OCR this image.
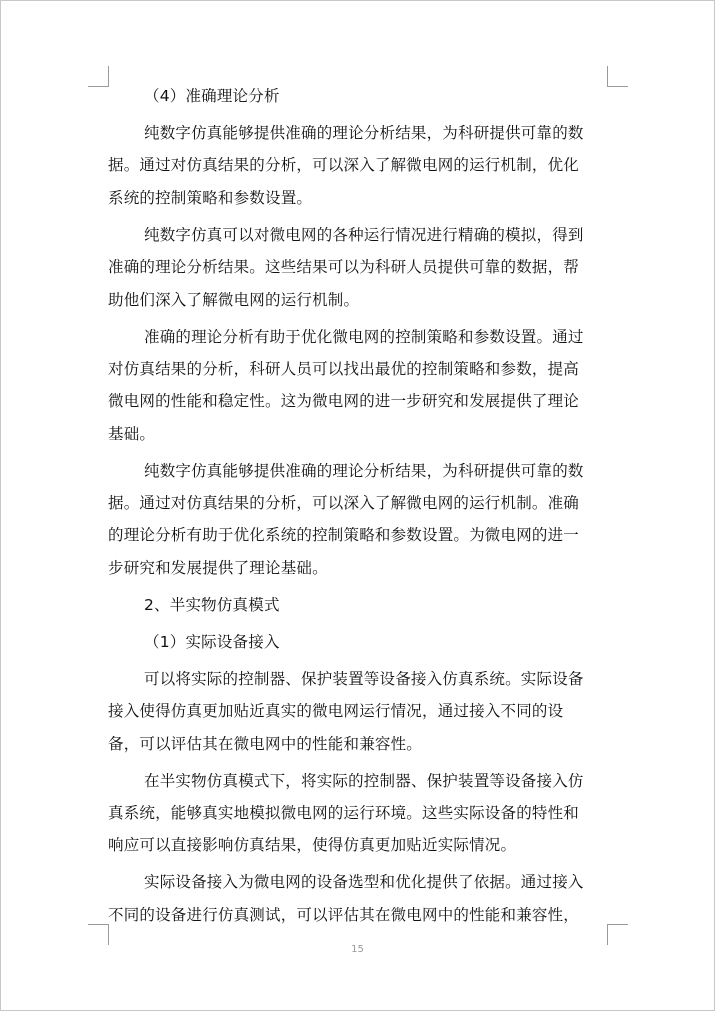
（4）准确理论分析
纯数字仿真能够提供准确的理论分析结果，为科研提供可靠的数
据。通过对仿真结果的分析，可以深入了解微电网的运行机制，优化
系统的控制策略和参数设置。
纯数字仿真可以对微电网的各种运行情况进行精确的模拟，得到
准确的理论分析结果。这些结果可以为科研人员提供可靠的数据，帮
助他们深入了解微电网的运行机制。
准确的理论分析有助于优化微电网的控制策略和参数设置。通过
对仿真结果的分析，科研人员可以找出最优的控制策略和参数，提高
微电网的性能和稳定性。这为微电网的进一步研究和发展提供了理论
基础。
纯数字仿真能够提供准确的理论分析结果，为科研提供可靠的数
据。通过对仿真结果的分析，可以深入了解微电网的运行机制。准确
的理论分析有助于优化系统的控制策略和参数设置。为微电网的进一
步研究和发展提供了理论基础。
2、半实物仿真模式
（1）实际设备接入
可以将实际的控制器、保护装置等设备接入仿真系统。实际设备
接入使得仿真更加贴近真实的微电网运行情况，通过接入不同的设
备，可以评估其在微电网中的性能和兼容性。
在半实物仿真模式下，将实际的控制器、保护装置等设备接入仿
真系统，能够真实地模拟微电网的运行环境。这些实际设备的特性和
响应可以直接影响仿真结果，使得仿真更加贴近实际情况。
实际设备接入为微电网的设备选型和优化提供了依据。通过接入
不同的设备进行仿真测试，可以评估其在微电网中的性能和兼容性，
15
